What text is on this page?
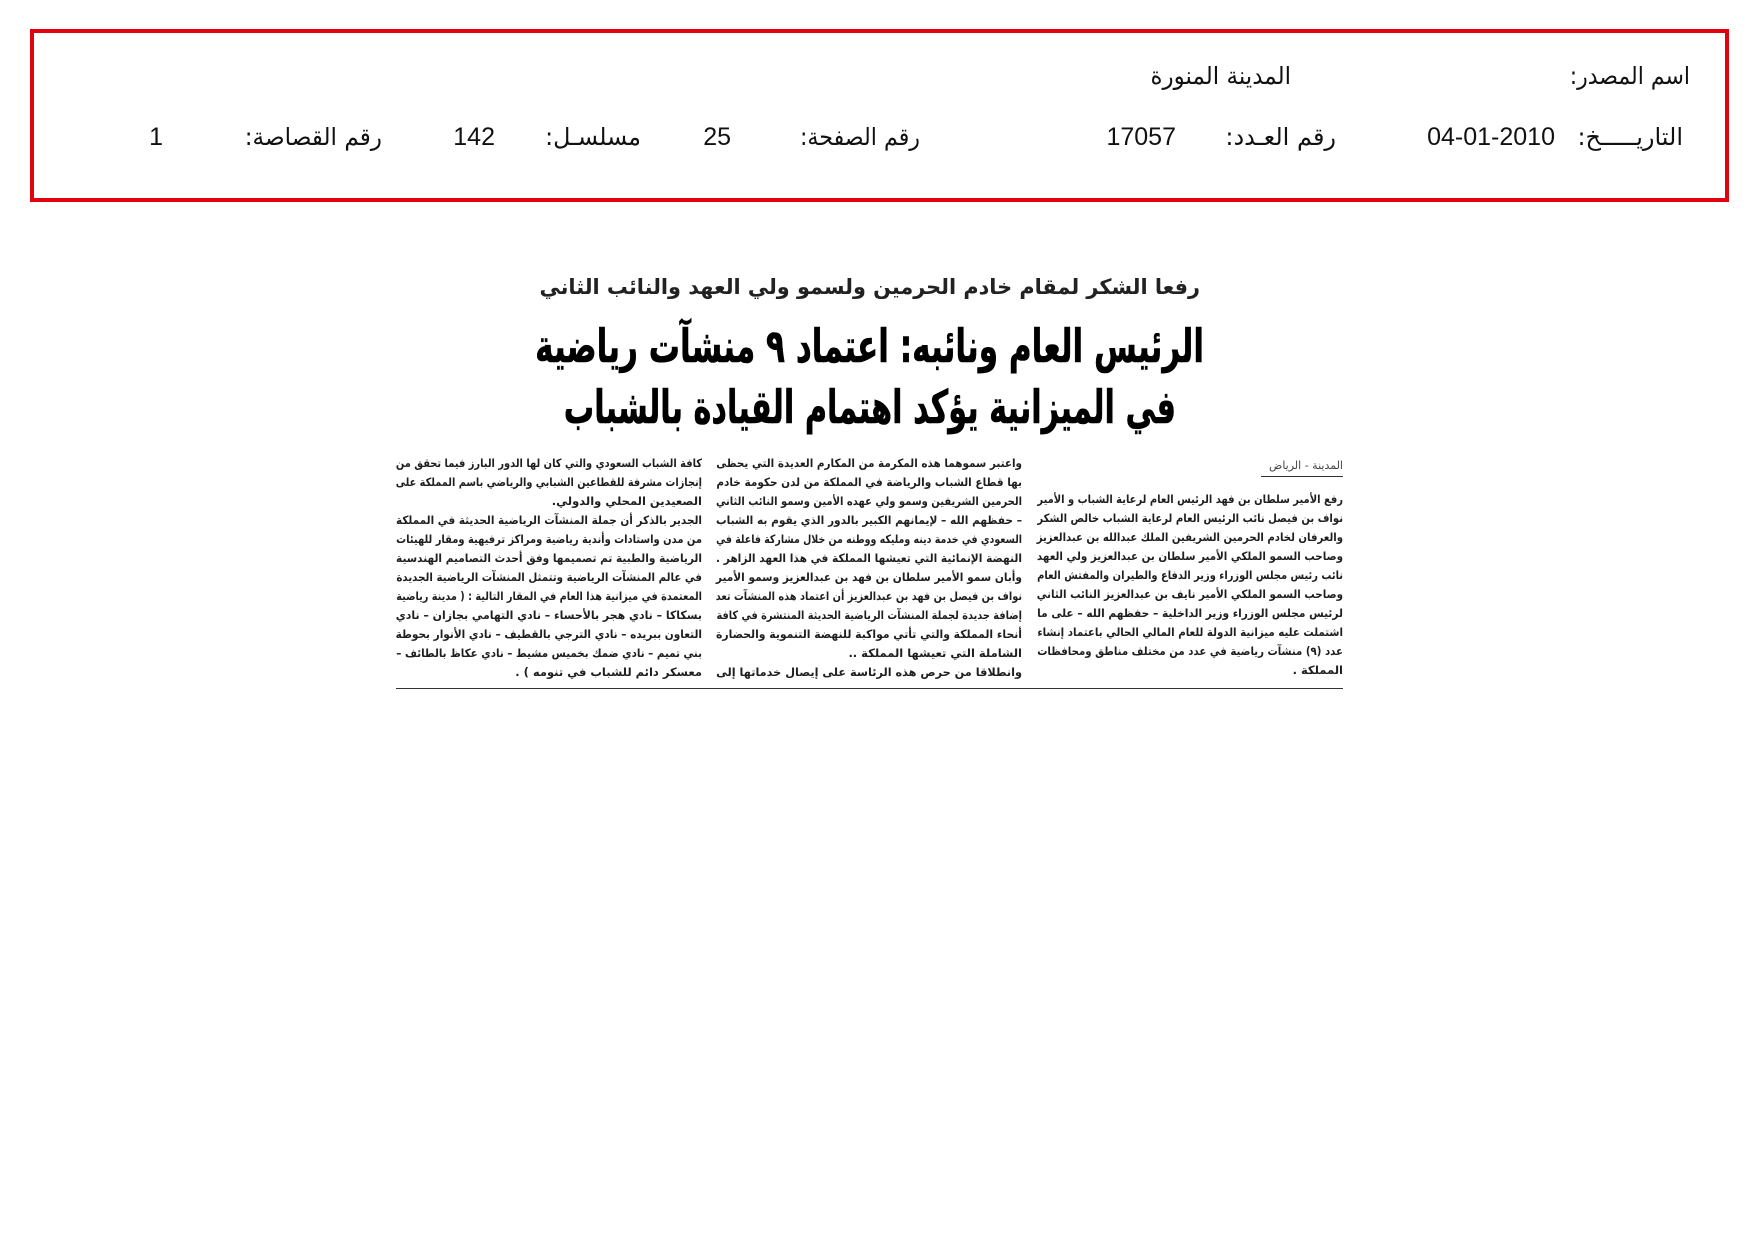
اسم المصدر:
المدينة المنورة
التاريـــــخ:
04-01-2010
رقم العـدد:
17057
رقم الصفحة:
25
مسلسـل:
142
رقم القصاصة:
1
رفعا الشكر لمقام خادم الحرمين ولسمو ولي العهد والنائب الثاني
الرئيس العام ونائبه: اعتماد ٩ منشآت رياضية
في الميزانية يؤكد اهتمام القيادة بالشباب
المدينة - الرياض
رفع الأمير سلطان بن فهد الرئيس العام لرعاية الشباب و الأمير
نواف بن فيصل نائب الرئيس العام لرعاية الشباب خالص الشكر
والعرفان لخادم الحرمين الشريفين الملك عبدالله بن عبدالعزيز
وصاحب السمو الملكي الأمير سلطان بن عبدالعزيز ولي العهد
نائب رئيس مجلس الوزراء وزير الدفاع والطيران والمفتش العام
وصاحب السمو الملكي الأمير نايف بن عبدالعزيز النائب الثاني
لرئيس مجلس الوزراء وزير الداخلية – حفظهم الله – على ما
اشتملت عليه ميزانية الدولة للعام المالي الحالي باعتماد إنشاء
عدد (٩) منشآت رياضية في عدد من مختلف مناطق ومحافظات
المملكة .
واعتبر سموهما هذه المكرمة من المكارم العديدة التي يحظى
بها قطاع الشباب والرياضة في المملكة من لدن حكومة خادم
الحرمين الشريفين وسمو ولي عهده الأمين وسمو النائب الثاني
– حفظهم الله – لإيمانهم الكبير بالدور الذي يقوم به الشباب
السعودي في خدمة دينه ومليكه ووطنه من خلال مشاركة فاعلة في
النهضة الإنمائية التي تعيشها المملكة في هذا العهد الزاهر .
وأبان سمو الأمير سلطان بن فهد بن عبدالعزيز وسمو الأمير
نواف بن فيصل بن فهد بن عبدالعزيز أن اعتماد هذه المنشآت تعد
إضافة جديدة لجملة المنشآت الرياضية الحديثة المنتشرة في كافة
أنحاء المملكة والتي تأتي مواكبة للنهضة التنموية والحضارة
الشاملة التي تعيشها المملكة ..
وانطلاقا من حرص هذه الرئاسة على إيصال خدماتها إلى
كافة الشباب السعودي والتي كان لها الدور البارز فيما تحقق من
إنجازات مشرفة للقطاعين الشبابي والرياضي باسم المملكة على
الصعيدين المحلي والدولي.
الجدير بالذكر أن جملة المنشآت الرياضية الحديثة في المملكة
من مدن واستادات وأندية رياضية ومراكز ترفيهية ومقار للهيئات
الرياضية والطبية تم تصميمها وفق أحدث التصاميم الهندسية
في عالم المنشآت الرياضية وتتمثل المنشآت الرياضية الجديدة
المعتمدة في ميزانية هذا العام في المقار التالية : ( مدينة رياضية
بسكاكا – نادي هجر بالأحساء – نادي التهامي بجازان – نادي
التعاون ببريده – نادي الترجي بالقطيف – نادي الأنوار بحوطة
بني تميم – نادي ضمك بخميس مشيط – نادي عكاظ بالطائف –
معسكر دائم للشباب في تنومه ) .
